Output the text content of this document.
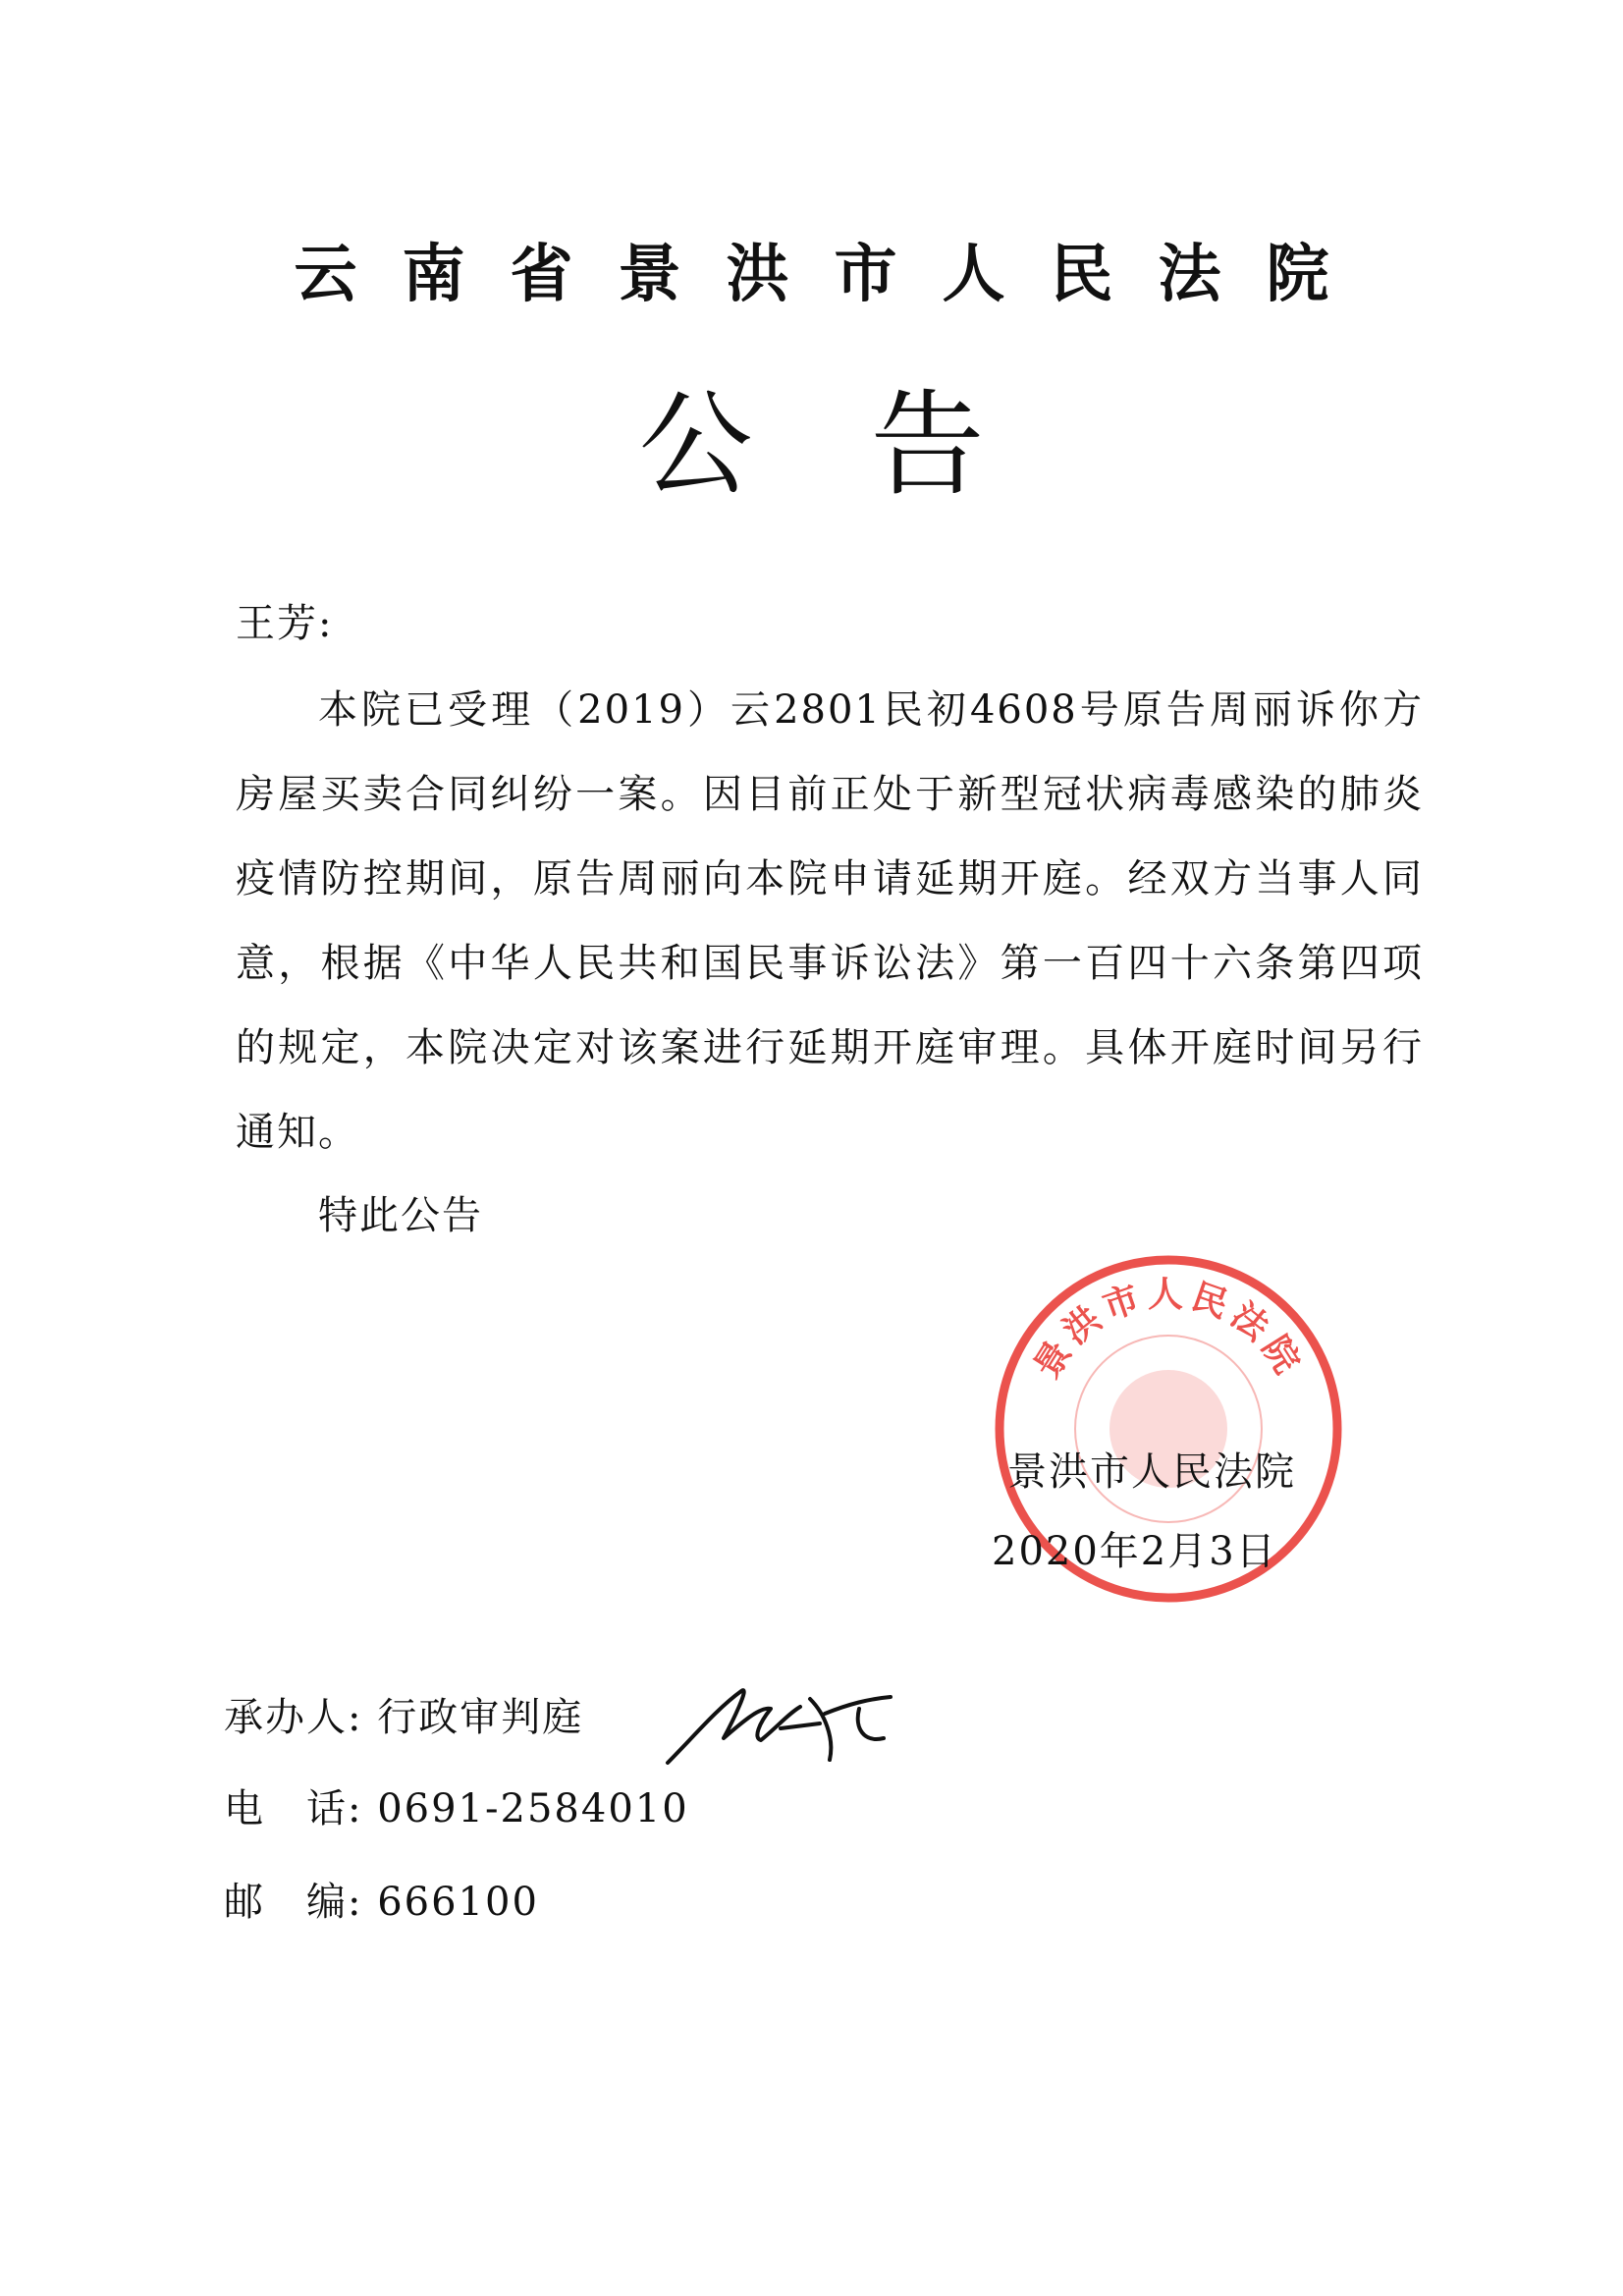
云南省景洪市人民法院
公告
王芳:
本院已受理（2019）云2801民初4608号原告周丽诉你方房屋买卖合同纠纷一案。因目前正处于新型冠状病毒感染的肺炎疫情防控期间，原告周丽向本院申请延期开庭。经双方当事人同意，根据《中华人民共和国民事诉讼法》第一百四十六条第四项的规定，本院决定对该案进行延期开庭审理。具体开庭时间另行通知。
特此公告
景洪市人民法院
景洪市人民法院
2020年2月3日
承办人: 行政审判庭
电　话: 0691-2584010
邮　编: 666100
